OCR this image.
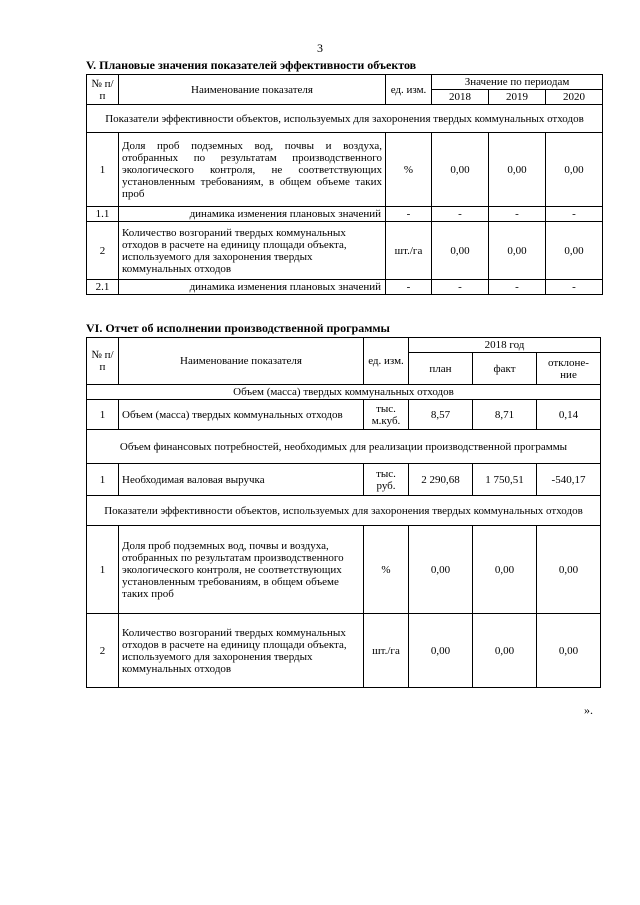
3
V. Плановые значения показателей эффективности объектов
№ п/п	Наименование показателя	ед. изм.	Значение по периодам		
			2018	2019	2020
Показатели эффективности объектов, используемых для захоронения твердых коммунальных отходов					
1	Доля проб подземных вод, почвы и воздуха, отобранных по результатам производственного экологического контроля, не соответствующих установленным требованиям, в общем объеме таких проб	%	0,00	0,00	0,00
1.1	динамика изменения плановых значений	-	-	-	-
2	Количество возгораний твердых коммунальных отходов в расчете на единицу площади объекта, используемого для захоронения твердых коммунальных отходов	шт./га	0,00	0,00	0,00
2.1	динамика изменения плановых значений	-	-	-	-
VI. Отчет об исполнении производственной программы
№ п/п	Наименование показателя	ед. изм.	2018 год		
			план	факт	отклоне-ние
Объем (масса) твердых коммунальных отходов					
1	Объем (масса) твердых коммунальных отходов	тыс. м.куб.	8,57	8,71	0,14
Объем финансовых потребностей, необходимых для реализации производственной программы					
1	Необходимая валовая выручка	тыс. руб.	2 290,68	1 750,51	-540,17
Показатели эффективности объектов, используемых для захоронения твердых коммунальных отходов					
1	Доля проб подземных вод, почвы и воздуха, отобранных по результатам производственного экологического контроля, не соответствующих установленным требованиям, в общем объеме таких проб	%	0,00	0,00	0,00
2	Количество возгораний твердых коммунальных отходов в расчете на единицу площади объекта, используемого для захоронения твердых коммунальных отходов	шт./га	0,00	0,00	0,00
».
